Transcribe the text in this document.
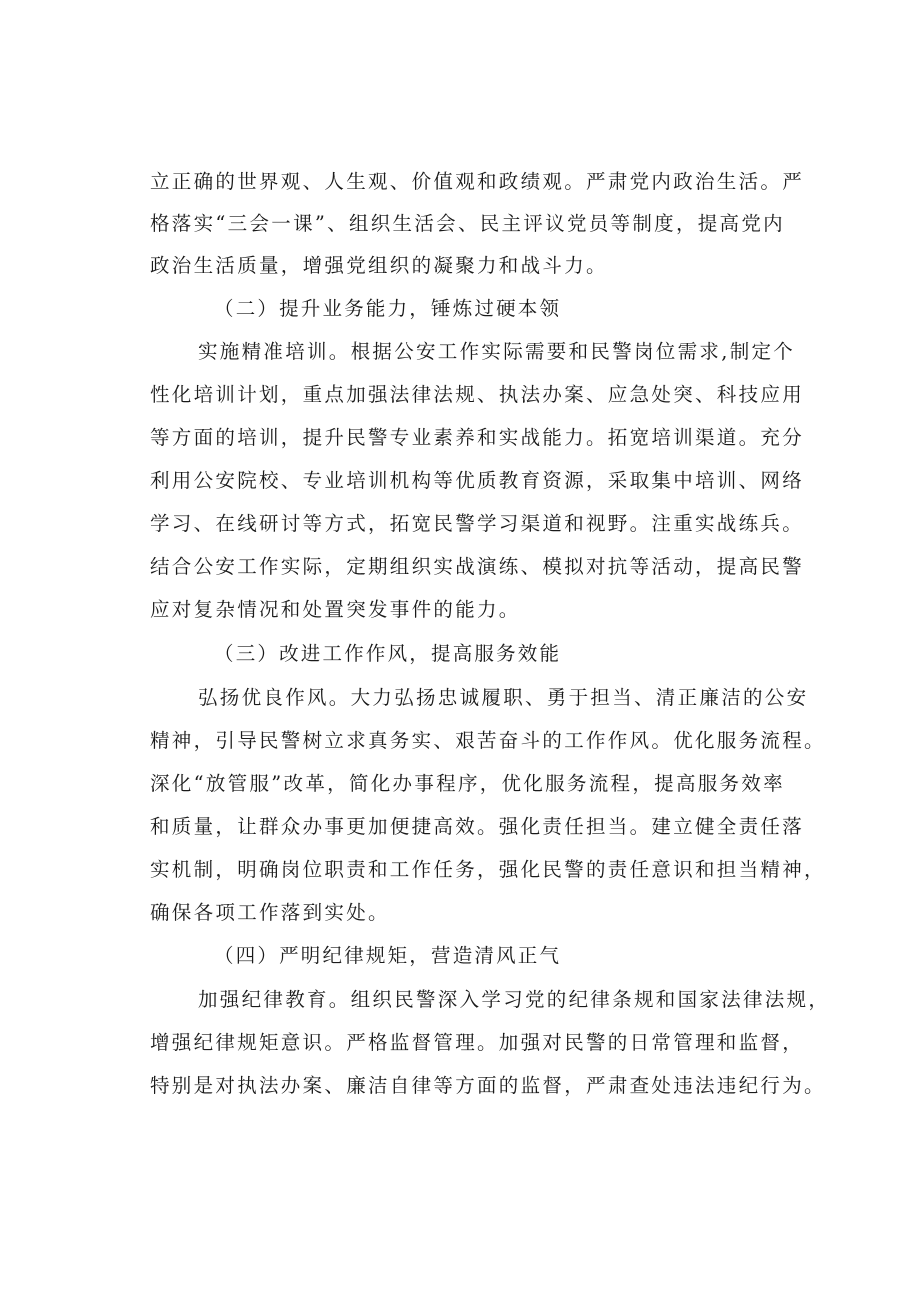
立正确的世界观、人生观、价值观和政绩观。严肃党内政治生活。严
格落实“三会一课”、组织生活会、民主评议党员等制度，提高党内
政治生活质量，增强党组织的凝聚力和战斗力。
（二）提升业务能力，锤炼过硬本领
实施精准培训。根据公安工作实际需要和民警岗位需求,制定个
性化培训计划，重点加强法律法规、执法办案、应急处突、科技应用
等方面的培训，提升民警专业素养和实战能力。拓宽培训渠道。充分
利用公安院校、专业培训机构等优质教育资源，采取集中培训、网络
学习、在线研讨等方式，拓宽民警学习渠道和视野。注重实战练兵。
结合公安工作实际，定期组织实战演练、模拟对抗等活动，提高民警
应对复杂情况和处置突发事件的能力。
（三）改进工作作风，提高服务效能
弘扬优良作风。大力弘扬忠诚履职、勇于担当、清正廉洁的公安
精神，引导民警树立求真务实、艰苦奋斗的工作作风。优化服务流程。
深化“放管服”改革，简化办事程序，优化服务流程，提高服务效率
和质量，让群众办事更加便捷高效。强化责任担当。建立健全责任落
实机制，明确岗位职责和工作任务，强化民警的责任意识和担当精神，
确保各项工作落到实处。
（四）严明纪律规矩，营造清风正气
加强纪律教育。组织民警深入学习党的纪律条规和国家法律法规，
增强纪律规矩意识。严格监督管理。加强对民警的日常管理和监督，
特别是对执法办案、廉洁自律等方面的监督，严肃查处违法违纪行为。
